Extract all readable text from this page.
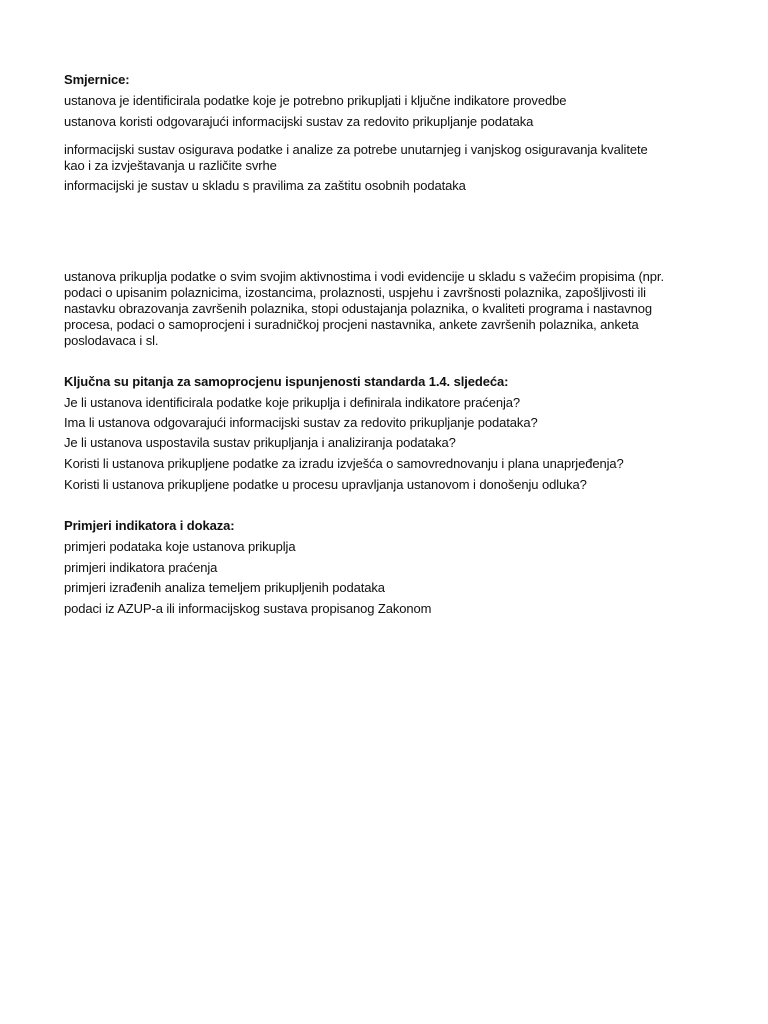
Smjernice:
ustanova je identificirala podatke koje je potrebno prikupljati i ključne indikatore provedbe
ustanova koristi odgovarajući informacijski sustav za redovito prikupljanje podataka
informacijski sustav osigurava podatke i analize za potrebe unutarnjeg i vanjskog osiguravanja kvalitete kao i za izvještavanja u različite svrhe
informacijski je sustav u skladu s pravilima za zaštitu osobnih podataka
ustanova prikuplja podatke o svim svojim aktivnostima i vodi evidencije u skladu s važećim propisima (npr. podaci o upisanim polaznicima, izostancima, prolaznosti, uspjehu i završnosti polaznika, zapošljivosti ili nastavku obrazovanja završenih polaznika, stopi odustajanja polaznika, o kvaliteti programa i nastavnog procesa, podaci o samoprocjeni i suradničkoj procjeni nastavnika, ankete završenih polaznika, anketa poslodavaca i sl.
Ključna su pitanja za samoprocjenu ispunjenosti standarda 1.4. sljedeća:
Je li ustanova identificirala podatke koje prikuplja i definirala indikatore praćenja?
Ima li ustanova odgovarajući informacijski sustav za redovito prikupljanje podataka?
Je li ustanova uspostavila sustav prikupljanja i analiziranja podataka?
Koristi li ustanova prikupljene podatke za izradu izvješća o samovrednovanju i plana unaprjeđenja?
Koristi li ustanova prikupljene podatke u procesu upravljanja ustanovom i donošenju odluka?
Primjeri indikatora i dokaza:
primjeri podataka koje ustanova prikuplja
primjeri indikatora praćenja
primjeri izrađenih analiza temeljem prikupljenih podataka
podaci iz AZUP-a ili informacijskog sustava propisanog Zakonom
